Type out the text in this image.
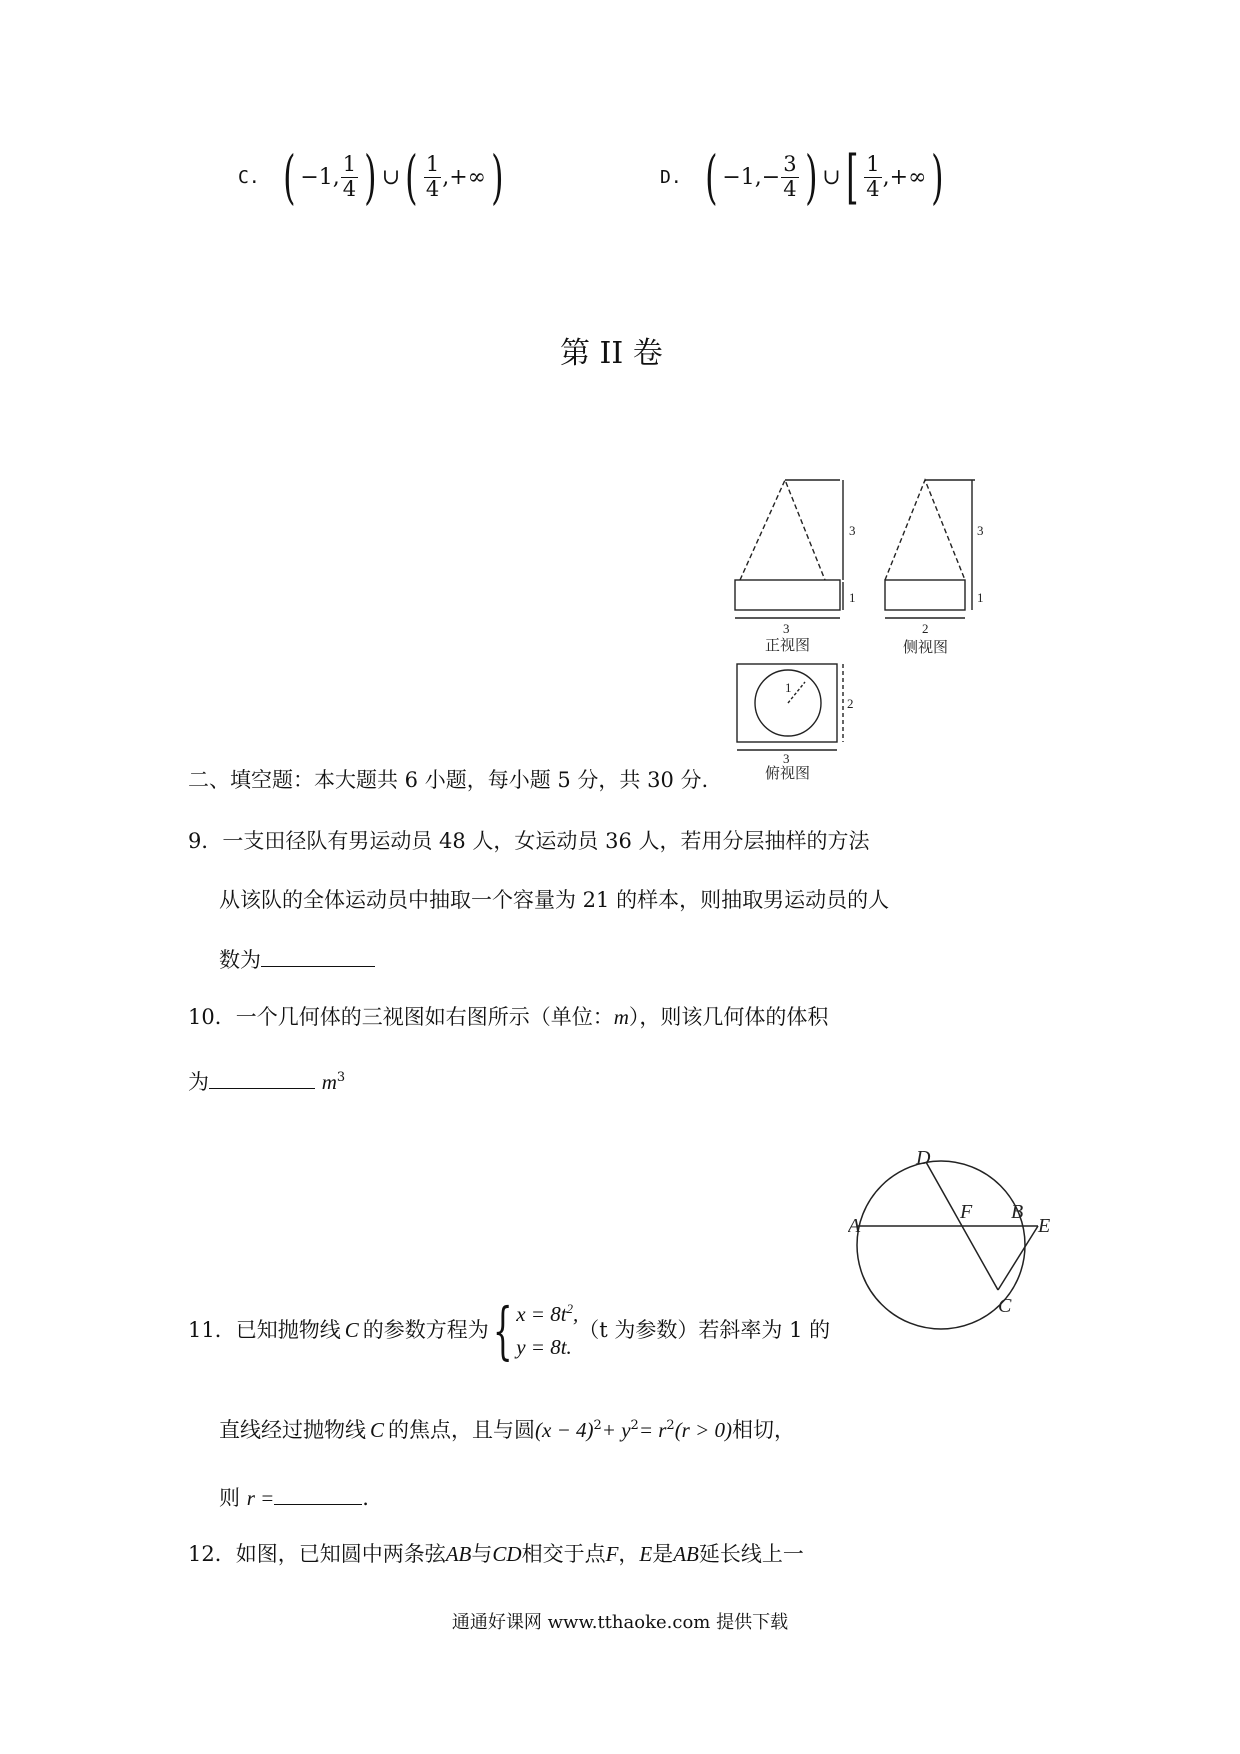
C. ( −1, $\frac{1}{4}$ ) ∪ ( $\frac{1}{4}$ ,+∞ )	D. ( $-1,- \frac{3}{4}$ ) ∪ [ $\frac{1}{4}$ ,+∞ )
第 II 卷
3
1
3
正视图
3
1
2
侧视图
1
2
3
俯视图
二、填空题：本大题共 6 小题，每小题 5 分，共 30 分.
9．一支田径队有男运动员 48 人，女运动员 36 人，若用分层抽样的方法
从该队的全体运动员中抽取一个容量为 21 的样本，则抽取男运动员的人
数为
10．一个几何体的三视图如右图所示（单位：m），则该几何体的体积
为	$m^3$
A
B
C
D
E
F
11．已知抛物线 C 的参数方程为 { $x = 8t^2$,
y = 8t.
（t 为参数）若斜率为 1 的
直线经过抛物线 C 的焦点，且与圆$(x - 4)^2+ y^2= r^2(r > 0)$相切，
则 r =	.
12．如图，已知圆中两条弦AB与CD相交于点F，E是AB延长线上一
通通好课网 www.tthaoke.com 提供下载
